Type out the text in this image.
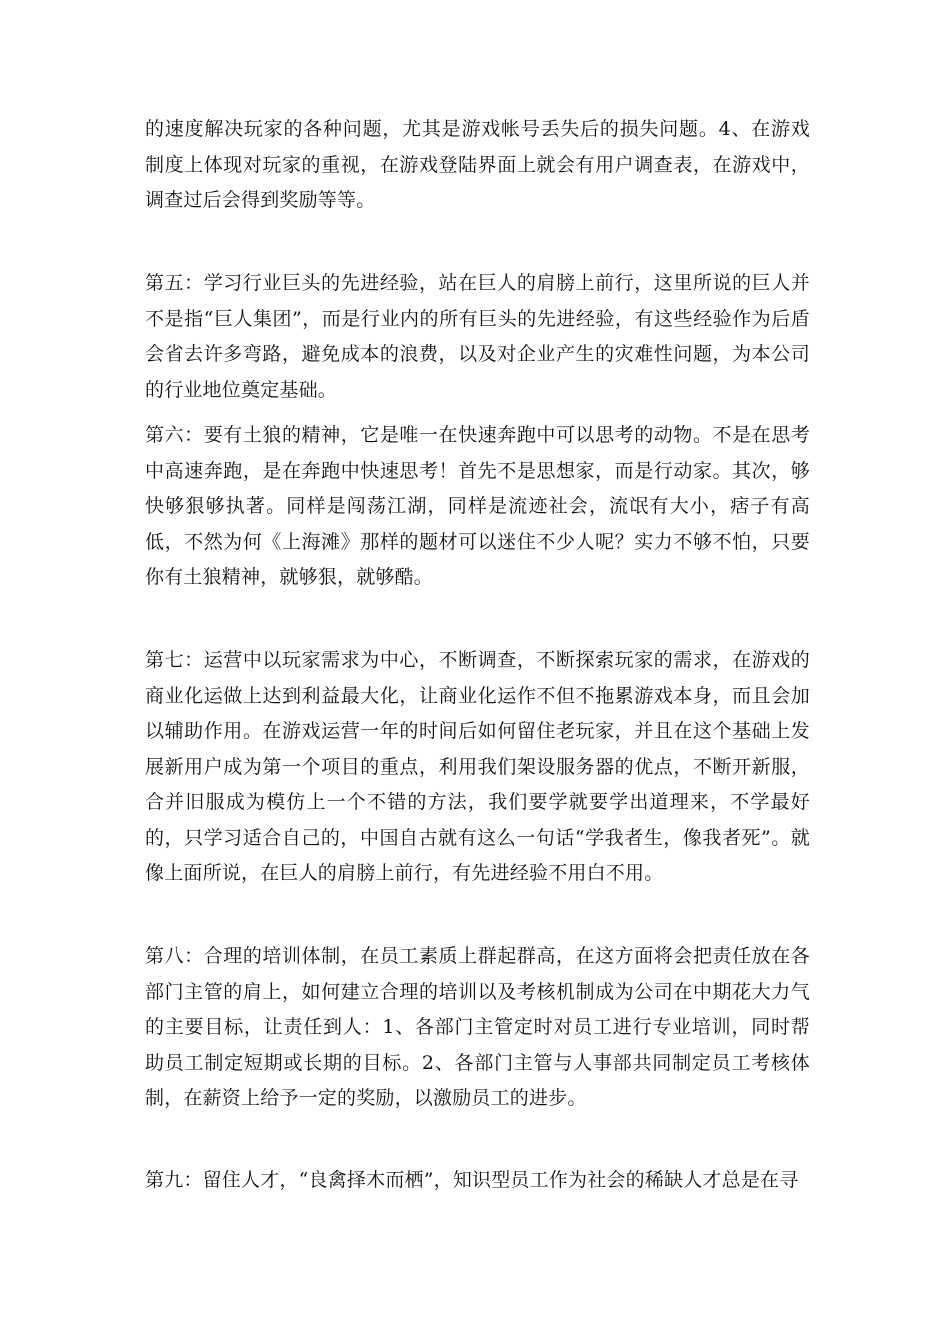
的速度解决玩家的各种问题，尤其是游戏帐号丢失后的损失问题。4、在游戏制度上体现对玩家的重视，在游戏登陆界面上就会有用户调查表，在游戏中，调查过后会得到奖励等等。

第五：学习行业巨头的先进经验，站在巨人的肩膀上前行，这里所说的巨人并不是指“巨人集团”，而是行业内的所有巨头的先进经验，有这些经验作为后盾会省去许多弯路，避免成本的浪费，以及对企业产生的灾难性问题，为本公司的行业地位奠定基础。

第六：要有土狼的精神，它是唯一在快速奔跑中可以思考的动物。不是在思考中高速奔跑，是在奔跑中快速思考！首先不是思想家，而是行动家。其次，够快够狠够执著。同样是闯荡江湖，同样是流迹社会，流氓有大小，痞子有高低，不然为何《上海滩》那样的题材可以迷住不少人呢？实力不够不怕，只要你有土狼精神，就够狠，就够酷。

第七：运营中以玩家需求为中心，不断调查，不断探索玩家的需求，在游戏的商业化运做上达到利益最大化，让商业化运作不但不拖累游戏本身，而且会加以辅助作用。在游戏运营一年的时间后如何留住老玩家，并且在这个基础上发展新用户成为第一个项目的重点，利用我们架设服务器的优点，不断开新服，合并旧服成为模仿上一个不错的方法，我们要学就要学出道理来，不学最好的，只学习适合自己的，中国自古就有这么一句话“学我者生，像我者死”。就像上面所说，在巨人的肩膀上前行，有先进经验不用白不用。

第八：合理的培训体制，在员工素质上群起群高，在这方面将会把责任放在各部门主管的肩上，如何建立合理的培训以及考核机制成为公司在中期花大力气的主要目标，让责任到人：1、各部门主管定时对员工进行专业培训，同时帮助员工制定短期或长期的目标。2、各部门主管与人事部共同制定员工考核体制，在薪资上给予一定的奖励，以激励员工的进步。

第九：留住人才，“良禽择木而栖”，知识型员工作为社会的稀缺人才总是在寻
